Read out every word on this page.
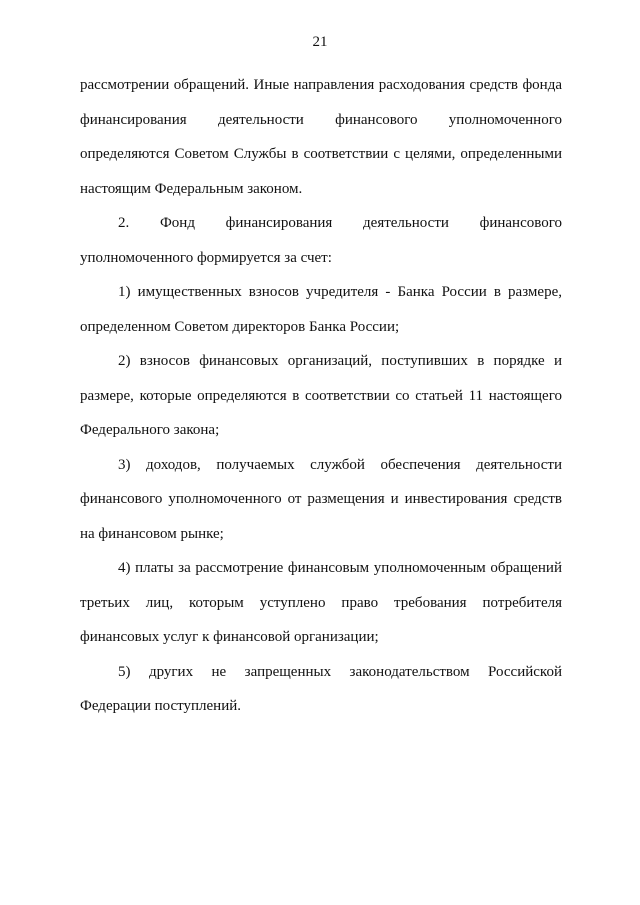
21

рассмотрении обращений. Иные направления расходования средств фонда финансирования деятельности финансового уполномоченного определяются Советом Службы в соответствии с целями, определенными настоящим Федеральным законом.

2. Фонд финансирования деятельности финансового уполномоченного формируется за счет:

1) имущественных взносов учредителя - Банка России в размере, определенном Советом директоров Банка России;

2) взносов финансовых организаций, поступивших в порядке и размере, которые определяются в соответствии со статьей 11 настоящего Федерального закона;

3) доходов, получаемых службой обеспечения деятельности финансового уполномоченного от размещения и инвестирования средств на финансовом рынке;

4) платы за рассмотрение финансовым уполномоченным обращений третьих лиц, которым уступлено право требования потребителя финансовых услуг к финансовой организации;

5) других не запрещенных законодательством Российской Федерации поступлений.
